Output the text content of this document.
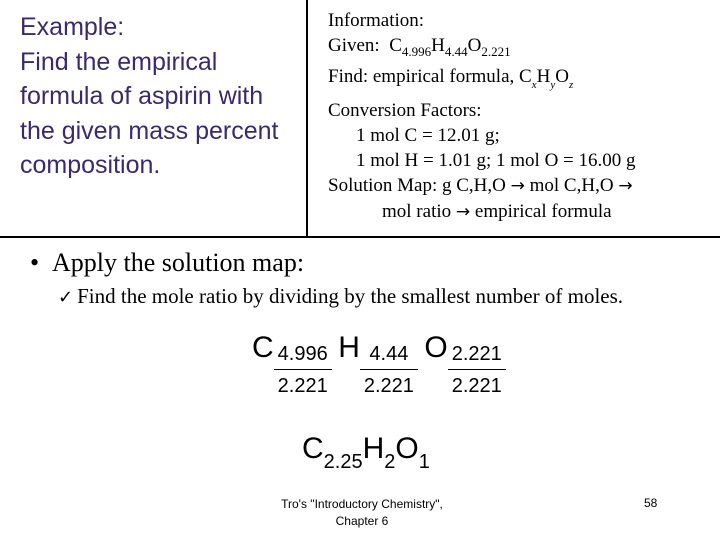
Example:
Find the empirical
formula of aspirin with
the given mass percent
composition.
Information:
Given: $C_{4.996}H_{4.44}O_{2.221}$
Find: empirical formula, $C_xH_yO_z$
Conversion Factors:
1 mol C = 12.01 g;
1 mol H = 1.01 g; 1 mol O = 16.00 g
Solution Map: g C,H,O → mol C,H,O →
mol ratio → empirical formula
• Apply the solution map:
✓ Find the mole ratio by dividing by the smallest number of moles.
C $\frac{4.996}{2.221}$ H $\frac{4.44}{2.221}$ O $\frac{2.221}{2.221}$
$C_{2.25}H_2O_1$
Tro's "Introductory Chemistry",
Chapter 6
58
